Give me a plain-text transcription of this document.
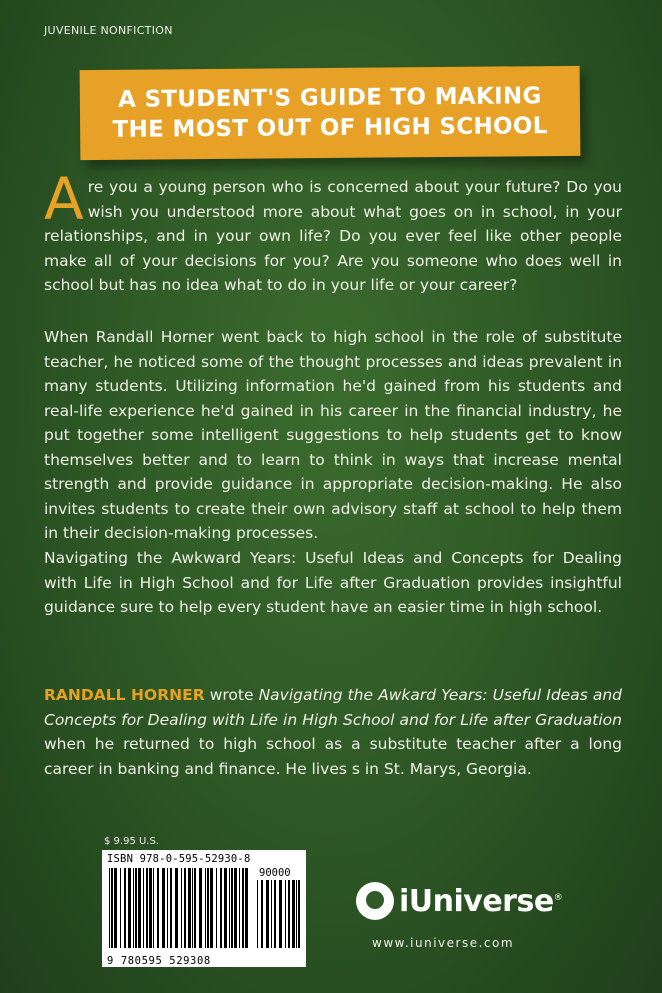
JUVENILE NONFICTION
A STUDENT'S GUIDE TO MAKING
THE MOST OUT OF HIGH SCHOOL
Are you a young person who is concerned about your future? Do you wish you understood more about what goes on in school, in your relationships, and in your own life? Do you ever feel like other people make all of your decisions for you? Are you someone who does well in school but has no idea what to do in your life or your career?
When Randall Horner went back to high school in the role of substitute teacher, he noticed some of the thought processes and ideas prevalent in many students. Utilizing information he'd gained from his students and real-life experience he'd gained in his career in the financial industry, he put together some intelligent suggestions to help students get to know themselves better and to learn to think in ways that increase mental strength and provide guidance in appropriate decision-making. He also invites students to create their own advisory staff at school to help them in their decision-making processes.
Navigating the Awkward Years: Useful Ideas and Concepts for Dealing with Life in High School and for Life after Graduation provides insightful guidance sure to help every student have an easier time in high school.
RANDALL HORNER wrote Navigating the Awkard Years: Useful Ideas and Concepts for Dealing with Life in High School and for Life after Graduation when he returned to high school as a substitute teacher after a long career in banking and finance. He lives s in St. Marys, Georgia.
$ 9.95 U.S.
ISBN 978-0-595-52930-8
90000
9 780595 529308
iUniverse®
www.iuniverse.com
